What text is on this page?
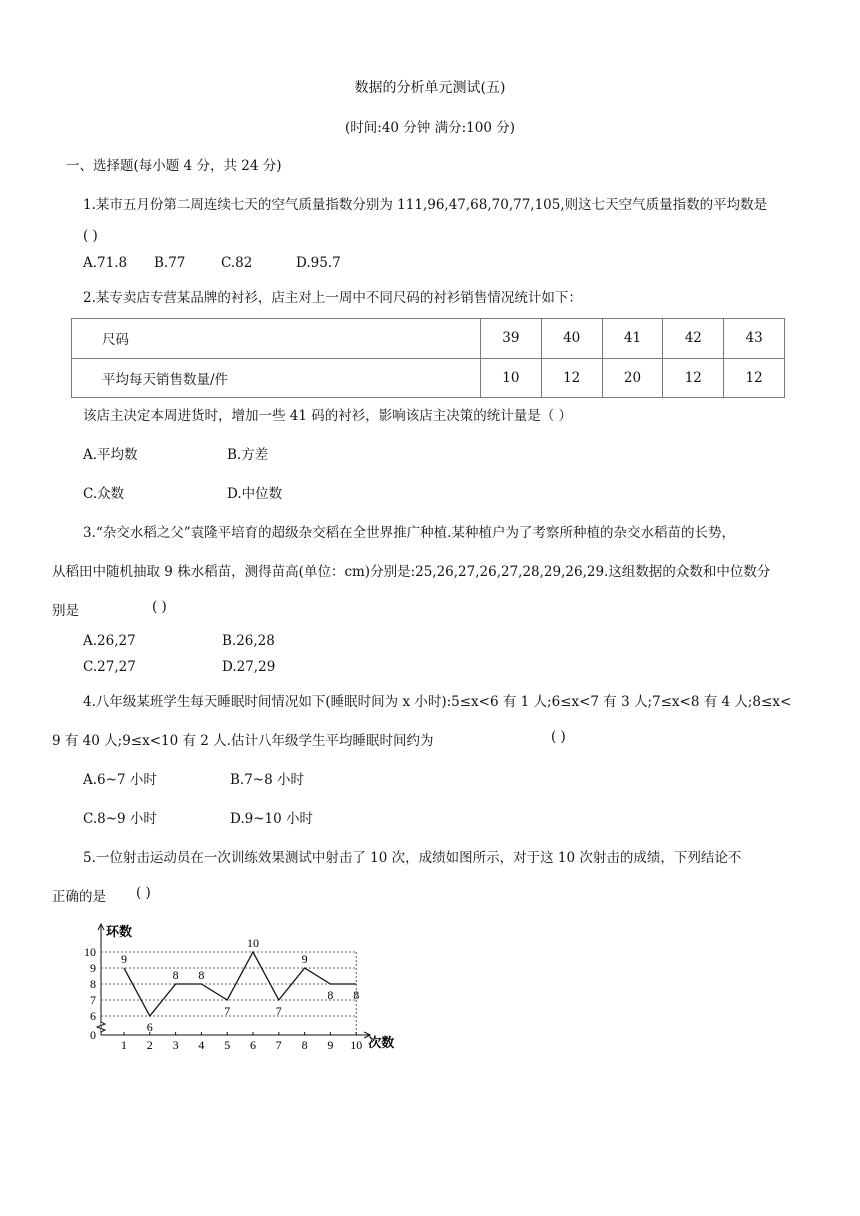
数据的分析单元测试(五)
(时间:40 分钟 满分:100 分)
一、选择题(每小题 4 分，共 24 分)
1.某市五月份第二周连续七天的空气质量指数分别为 111,96,47,68,70,77,105,则这七天空气质量指数的平均数是
( )
A.71.8 B.77	C.82	D.95.7
2.某专卖店专营某品牌的衬衫，店主对上一周中不同尺码的衬衫销售情况统计如下：
尺码	39	40	41	42	43
平均每天销售数量/件	10	12	20	12	12
该店主决定本周进货时，增加一些 41 码的衬衫，影响该店主决策的统计量是（ ）
A.平均数	B.方差
C.众数	D.中位数
3.“杂交水稻之父”袁隆平培育的超级杂交稻在全世界推广种植.某种植户为了考察所种植的杂交水稻苗的长势，
从稻田中随机抽取 9 株水稻苗，测得苗高(单位：cm)分别是:25,26,27,26,27,28,29,26,29.这组数据的众数和中位数分
别是	( )
A.26,27	B.26,28
C.27,27	D.27,29
4.八年级某班学生每天睡眠时间情况如下(睡眠时间为 x 小时):5≤x<6 有 1 人;6≤x<7 有 3 人;7≤x<8 有 4 人;8≤x<
9 有 40 人;9≤x<10 有 2 人.估计八年级学生平均睡眠时间约为	( )
A.6~7 小时	B.7~8 小时
C.8~9 小时	D.9~10 小时
5.一位射击运动员在一次训练效果测试中射击了 10 次，成绩如图所示，对于这 10 次射击的成绩，下列结论不
正确的是 ( )
1 2 3 4 5 6 7 8 9 10
0
6
7
8
9
10
环数
次数
9
6
8 8
7
10
7
9
8 8
